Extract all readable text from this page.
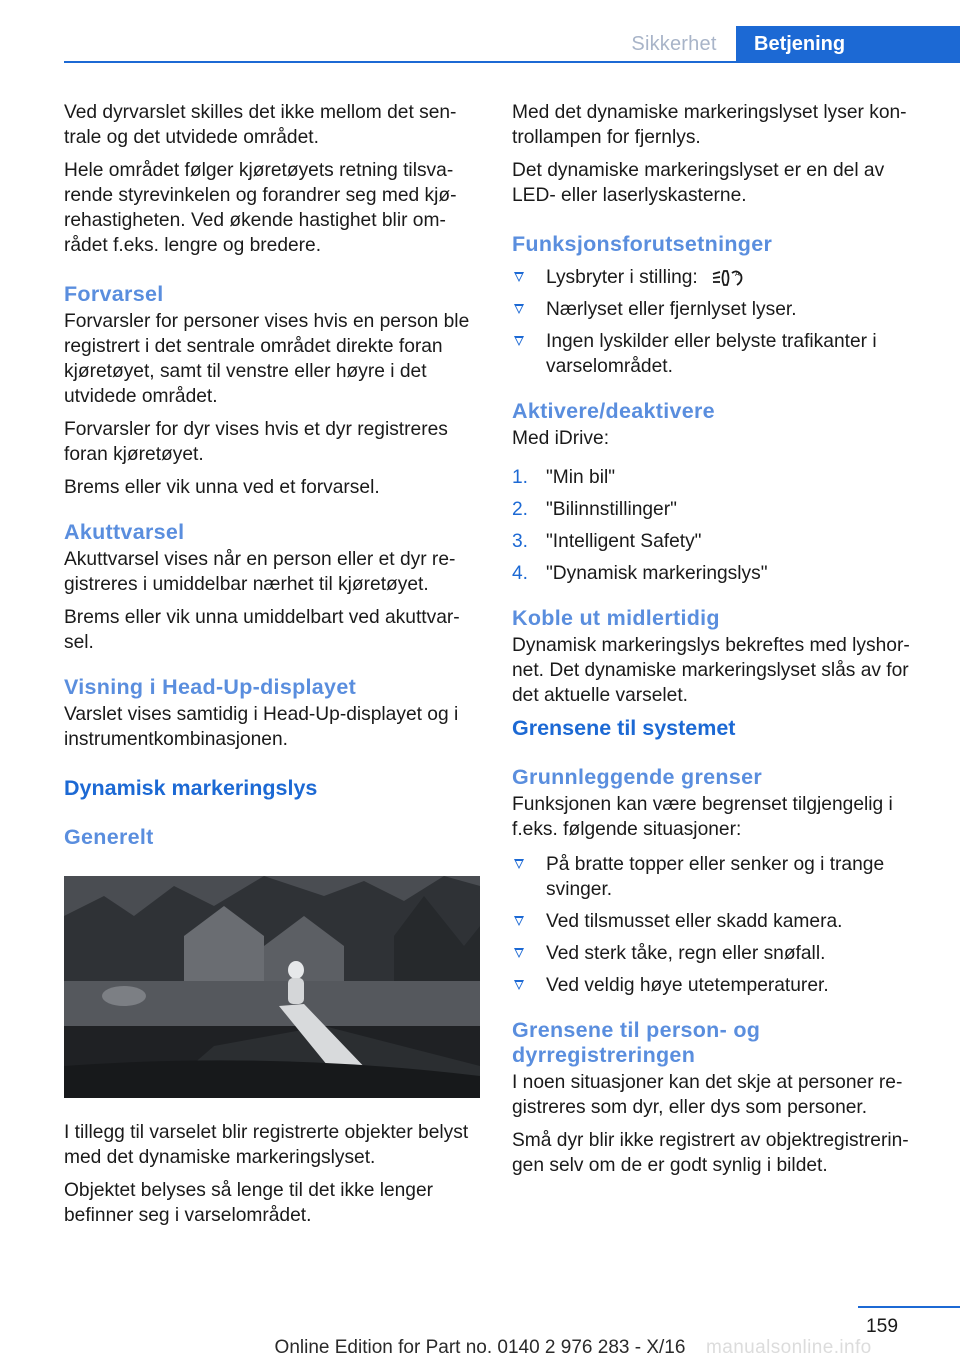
Sikkerhet	Betjening

Ved dyrvarslet skilles det ikke mellom det sentrale og det utvidede området.

Hele området følger kjøretøyets retning tilsvarende styrevinkelen og forandrer seg med kjørehastigheten. Ved økende hastighet blir området f.eks. lengre og bredere.

Forvarsel

Forvarsler for personer vises hvis en person ble registrert i det sentrale området direkte foran kjøretøyet, samt til venstre eller høyre i det utvidede området.

Forvarsler for dyr vises hvis et dyr registreres foran kjøretøyet.

Brems eller vik unna ved et forvarsel.

Akuttvarsel

Akuttvarsel vises når en person eller et dyr registreres i umiddelbar nærhet til kjøretøyet.

Brems eller vik unna umiddelbart ved akuttvarsel.

Visning i Head-Up-displayet

Varslet vises samtidig i Head-Up-displayet og i instrumentkombinasjonen.

Dynamisk markeringslys
Generelt

I tillegg til varselet blir registrerte objekter belyst med det dynamiske markeringslyset.

Objektet belyses så lenge til det ikke lenger befinner seg i varselområdet.

Med det dynamiske markeringslyset lyser kontrollampen for fjernlys.

Det dynamiske markeringslyset er en del av LED- eller laserlyskasterne.

Funksjonsforutsetninger
Lysbryter i stilling:	A
Nærlyset eller fjernlyset lyser.
Ingen lyskilder eller belyste trafikanter i varselområdet.
Aktivere/deaktivere

Med iDrive:

1. "Min bil"
2. "Bilinnstillinger"
3. "Intelligent Safety"
4. "Dynamisk markeringslys"
Koble ut midlertidig

Dynamisk markeringslys bekreftes med lyshornet. Det dynamiske markeringslyset slås av for det aktuelle varselet.

Grensene til systemet
Grunnleggende grenser

Funksjonen kan være begrenset tilgjengelig i f.eks. følgende situasjoner:

På bratte topper eller senker og i trange svinger.
Ved tilsmusset eller skadd kamera.
Ved sterk tåke, regn eller snøfall.
Ved veldig høye utetemperaturer.
Grensene til person- og dyrregistreringen

I noen situasjoner kan det skje at personer registreres som dyr, eller dys som personer.

Små dyr blir ikke registrert av objektregistreringen selv om de er godt synlig i bildet.

159
Online Edition for Part no. 0140 2 976 283 - X/16	manualsonline.info
